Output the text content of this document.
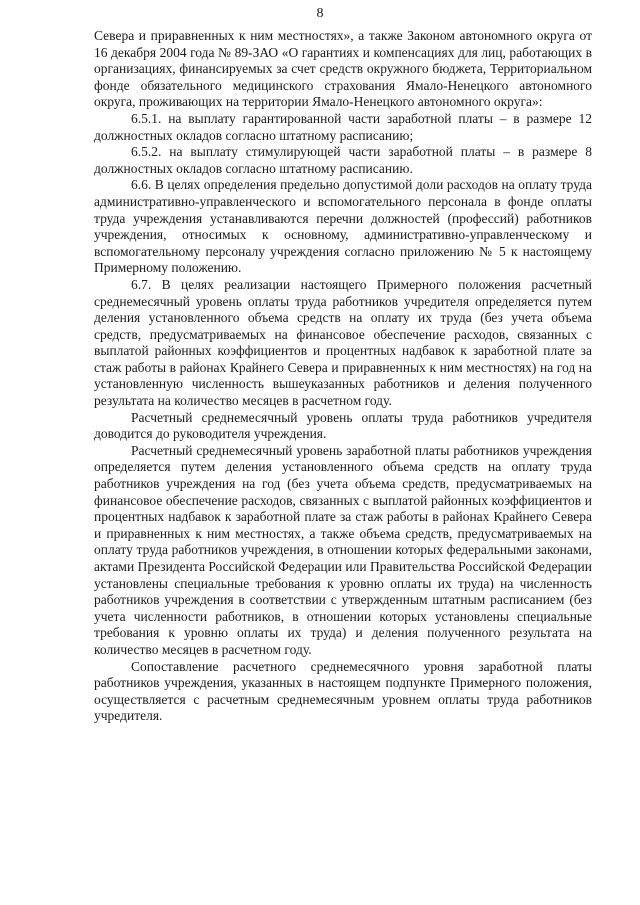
8

Севера и приравненных к ним местностях», а также Законом автономного округа от 16 декабря 2004 года № 89-ЗАО «О гарантиях и компенсациях для лиц, работающих в организациях, финансируемых за счет средств окружного бюджета, Территориальном фонде обязательного медицинского страхования Ямало-Ненецкого автономного округа, проживающих на территории Ямало-Ненецкого автономного округа»:

6.5.1. на выплату гарантированной части заработной платы – в размере 12 должностных окладов согласно штатному расписанию;

6.5.2. на выплату стимулирующей части заработной платы – в размере 8 должностных окладов согласно штатному расписанию.

6.6. В целях определения предельно допустимой доли расходов на оплату труда административно-управленческого и вспомогательного персонала в фонде оплаты труда учреждения устанавливаются перечни должностей (профессий) работников учреждения, относимых к основному, административно-управленческому и вспомогательному персоналу учреждения согласно приложению № 5 к настоящему Примерному положению.

6.7. В целях реализации настоящего Примерного положения расчетный среднемесячный уровень оплаты труда работников учредителя определяется путем деления установленного объема средств на оплату их труда (без учета объема средств, предусматриваемых на финансовое обеспечение расходов, связанных с выплатой районных коэффициентов и процентных надбавок к заработной плате за стаж работы в районах Крайнего Севера и приравненных к ним местностях) на год на установленную численность вышеуказанных работников и деления полученного результата на количество месяцев в расчетном году.

Расчетный среднемесячный уровень оплаты труда работников учредителя доводится до руководителя учреждения.

Расчетный среднемесячный уровень заработной платы работников учреждения определяется путем деления установленного объема средств на оплату труда работников учреждения на год (без учета объема средств, предусматриваемых на финансовое обеспечение расходов, связанных с выплатой районных коэффициентов и процентных надбавок к заработной плате за стаж работы в районах Крайнего Севера и приравненных к ним местностях, а также объема средств, предусматриваемых на оплату труда работников учреждения, в отношении которых федеральными законами, актами Президента Российской Федерации или Правительства Российской Федерации установлены специальные требования к уровню оплаты их труда) на численность работников учреждения в соответствии с утвержденным штатным расписанием (без учета численности работников, в отношении которых установлены специальные требования к уровню оплаты их труда) и деления полученного результата на количество месяцев в расчетном году.

Сопоставление расчетного среднемесячного уровня заработной платы работников учреждения, указанных в настоящем подпункте Примерного положения, осуществляется с расчетным среднемесячным уровнем оплаты труда работников учредителя.
